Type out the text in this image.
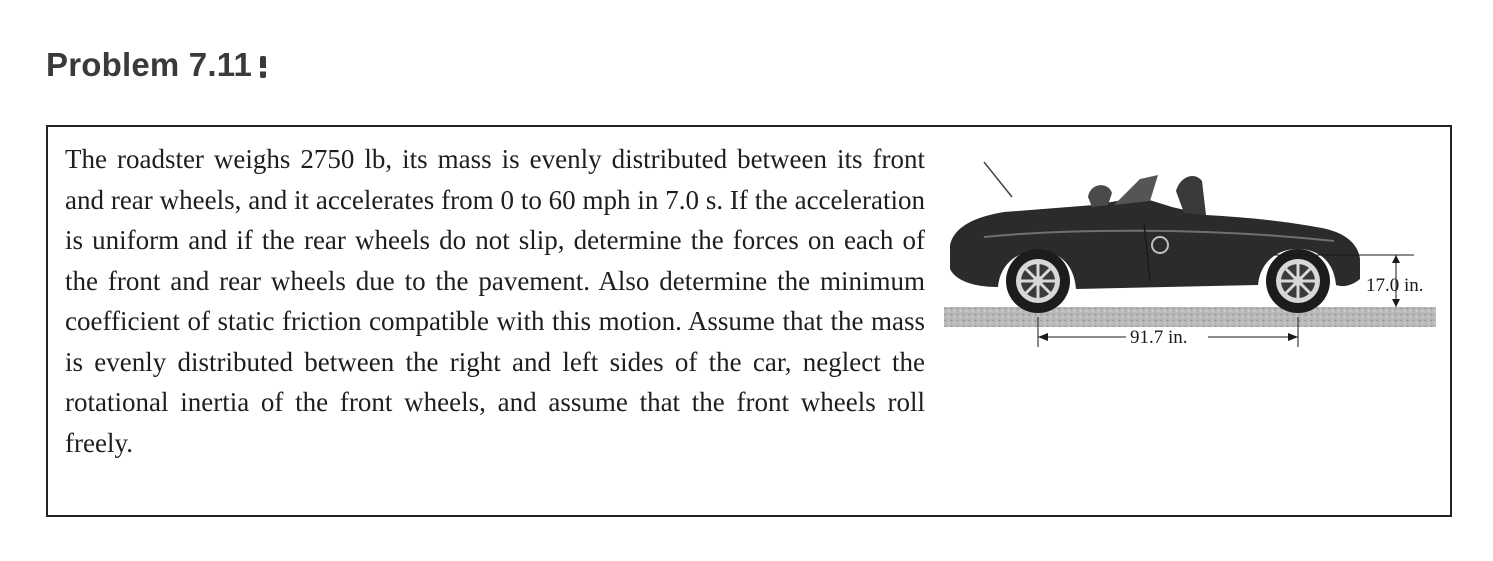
Problem 7.11

The roadster weighs 2750 lb, its mass is evenly distributed between its front and rear wheels, and it accelerates from 0 to 60 mph in 7.0 s. If the acceleration is uniform and if the rear wheels do not slip, determine the forces on each of the front and rear wheels due to the pavement. Also determine the minimum coefficient of static friction compatible with this motion. Assume that the mass is evenly distributed between the right and left sides of the car, neglect the rotational inertia of the front wheels, and assume that the front wheels roll freely.

17.0 in.
91.7 in.
